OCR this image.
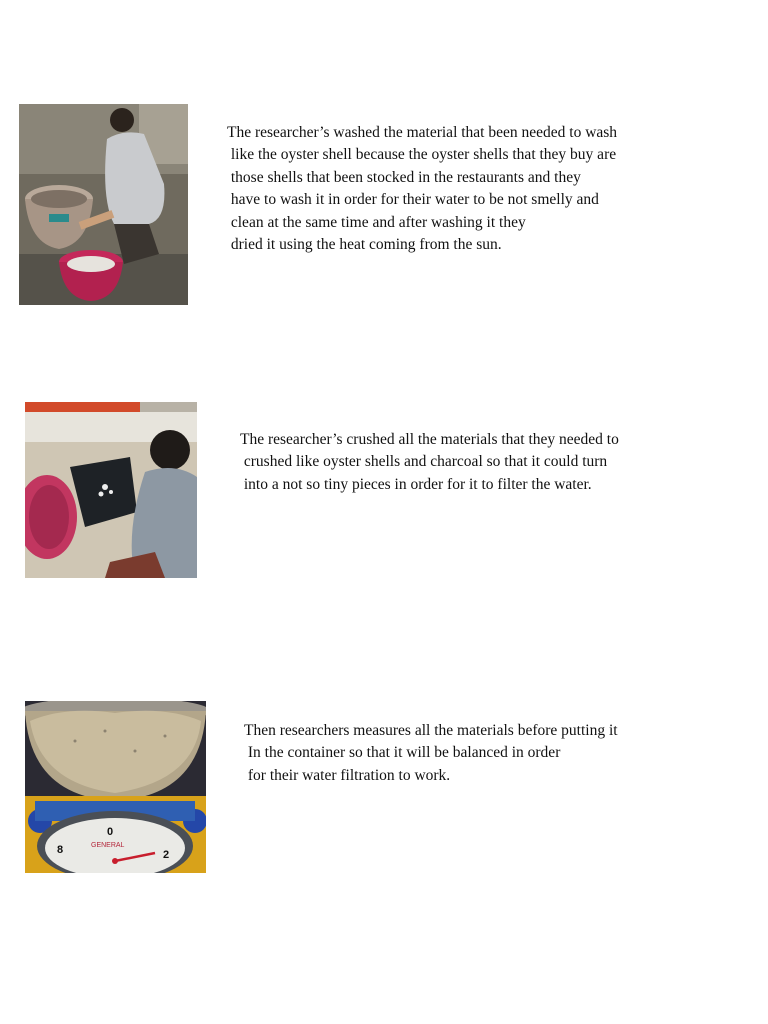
The researcher’s washed the material that been needed to wash
like the oyster shell because the oyster shells that they buy are
those shells that been stocked in the restaurants and they
have to wash it in order for their water to be not smelly and
clean at the same time and after washing it they
dried it using the heat coming from the sun.

The researcher’s crushed all the materials that they needed to
crushed like oyster shells and charcoal so that it could turn
into a not so tiny pieces in order for it to filter the water.

0
8	2
GENERAL

Then researchers measures all the materials before putting it
In the container so that it will be balanced in order
for their water filtration to work.
